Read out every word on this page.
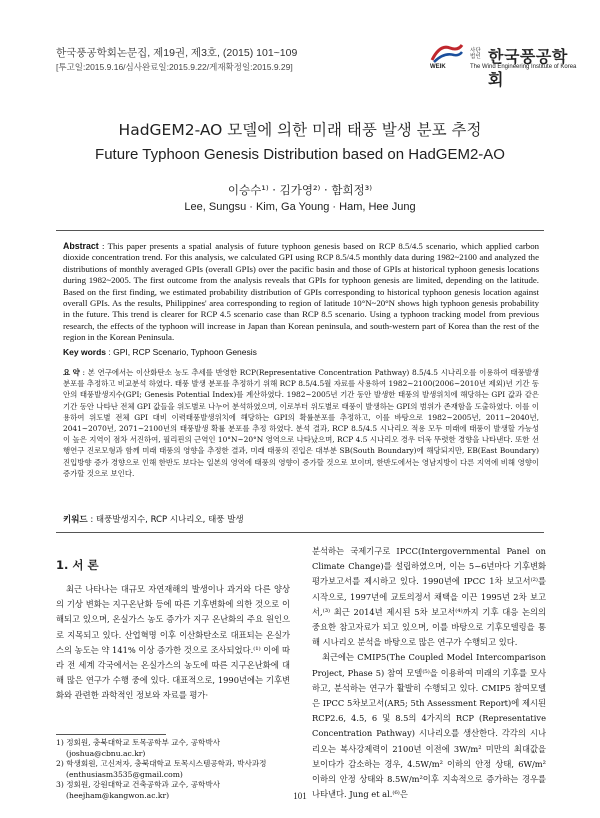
한국풍공학회논문집, 제19권, 제3호, (2015) 101~109
[투고일:2015.9.16/심사완료일:2015.9.22/게재확정일:2015.9.29]	WEIK
사단
법인 한국풍공학회
The Wind Engineering Institute of Korea
HadGEM2-AO 모델에 의한 미래 태풍 발생 분포 추정
Future Typhoon Genesis Distribution based on HadGEM2-AO
이승수¹⁾ · 김가영²⁾ · 함희정³⁾
Lee, Sungsu · Kim, Ga Young · Ham, Hee Jung
Abstract : This paper presents a spatial analysis of future typhoon genesis based on RCP 8.5/4.5 scenario, which applied carbon dioxide concentration trend. For this analysis, we calculated GPI using RCP 8.5/4.5 monthly data during 1982~2100 and analyzed the distributions of monthly averaged GPIs (overall GPIs) over the pacific basin and those of GPIs at historical typhoon genesis locations during 1982~2005. The first outcome from the analysis reveals that GPIs for typhoon genesis are limited, depending on the latitude. Based on the first finding, we estimated probability distribution of GPIs corresponding to historical typhoon genesis location against overall GPIs. As the results, Philippines' area corresponding to region of latitude 10°N~20°N shows high typhoon genesis probability in the future. This trend is clearer for RCP 4.5 scenario case than RCP 8.5 scenario. Using a typhoon tracking model from previous research, the effects of the typhoon will increase in Japan than Korean peninsula, and south-western part of Korea than the rest of the region in the Korean Peninsula.
Key words : GPI, RCP Scenario, Typhoon Genesis
요 약 : 본 연구에서는 이산화탄소 농도 추세를 반영한 RCP(Representative Concentration Pathway) 8.5/4.5 시나리오를 이용하여 태풍발생 분포를 추정하고 비교분석 하였다. 태풍 발생 분포를 추정하기 위해 RCP 8.5/4.5월 자료를 사용하여 1982~2100(2006~2010년 제외)년 기간 동안의 태풍발생지수(GPI; Genesis Potential Index)를 계산하였다. 1982~2005년 기간 동안 발생한 태풍의 발생위치에 해당하는 GPI 값과 같은 기간 동안 나타난 전체 GPI 값들을 위도별로 나누어 분석하였으며, 이로부터 위도별로 태풍이 발생하는 GPI의 범위가 존재함을 도출하였다. 이를 이용하여 위도별 전체 GPI 대비 이력태풍발생위치에 해당하는 GPI의 확률분포를 추정하고, 이를 바탕으로 1982~2005년, 2011~2040년, 2041~2070년, 2071~2100년의 태풍발생 확률 분포를 추정 하였다. 분석 결과, RCP 8.5/4.5 시나리오 적용 모두 미래에 태풍이 발생할 가능성이 높은 지역이 점차 서진하여, 필리핀의 근역인 10°N~20°N 영역으로 나타났으며, RCP 4.5 시나리오 경우 더욱 뚜렷한 경향을 나타낸다. 또한 선행연구 진로모형과 함께 미래 태풍의 영향을 추정한 결과, 미래 태풍의 진입은 대부분 SB(South Boundary)에 해당되지만, EB(East Boundary) 진입방향 증가 경향으로 인해 한반도 보다는 일본의 영역에 태풍의 영향이 증가할 것으로 보이며, 한반도에서는 영남지방이 다른 지역에 비해 영향이 증가할 것으로 보인다.
키워드 : 태풍발생지수, RCP 시나리오, 태풍 발생
1. 서 론

최근 나타나는 대규모 자연재해의 발생이나 과거와 다른 양상의 기상 변화는 지구온난화 등에 따른 기후변화에 의한 것으로 이해되고 있으며, 온실가스 농도 증가가 지구 온난화의 주요 원인으로 지목되고 있다. 산업혁명 이후 이산화탄소로 대표되는 온실가스의 농도는 약 141% 이상 증가한 것으로 조사되었다.⁽¹⁾ 이에 따라 전 세계 각국에서는 온실가스의 농도에 따른 지구온난화에 대해 많은 연구가 수행 중에 있다. 대표적으로, 1990년에는 기후변화와 관련한 과학적인 정보와 자료를 평가·

분석하는 국제기구로 IPCC(Intergovernmental Panel on Climate Change)를 설립하였으며, 이는 5~6년마다 기후변화 평가보고서를 제시하고 있다. 1990년에 IPCC 1차 보고서⁽²⁾를 시작으로, 1997년에 교토의정서 채택을 이끈 1995년 2차 보고서,⁽³⁾ 최근 2014년 제시된 5차 보고서⁽⁴⁾까지 기후 대응 논의의 중요한 참고자료가 되고 있으며, 이를 바탕으로 기후모델링을 통해 시나리오 분석을 바탕으로 많은 연구가 수행되고 있다.

최근에는 CMIP5(The Coupled Model Intercomparison Project, Phase 5) 참여 모델⁽⁵⁾을 이용하여 미래의 기후를 모사하고, 분석하는 연구가 활발히 수행되고 있다. CMIP5 참여모델은 IPCC 5차보고서(AR5; 5th Assessment Report)에 제시된 RCP2.6, 4.5, 6 및 8.5의 4가지의 RCP (Representative Concentration Pathway) 시나리오를 생산한다. 각각의 시나리오는 복사강제력이 2100년 이전에 3W/m² 미만의 최대값을 보이다가 감소하는 경우, 4.5W/m² 이하의 안정 상태, 6W/m² 이하의 안정 상태와 8.5W/m²이후 지속적으로 증가하는 경우를 나타낸다. Jung et al.⁽⁶⁾은

1) 정회원, 충북대학교 토목공학부 교수, 공학박사
(joshua@cbnu.ac.kr)
2) 학생회원, 고신저자, 충북대학교 토목시스템공학과, 박사과정
(enthusiasm3535@gmail.com)
3) 정회원, 강원대학교 건축공학과 교수, 공학박사
(heejham@kangwon.ac.kr)	101
